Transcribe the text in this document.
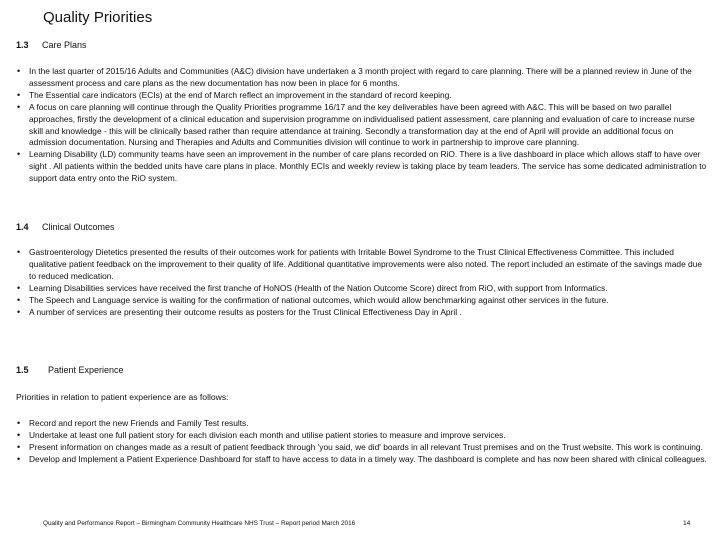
Quality Priorities
1.3 Care Plans
• In the last quarter of 2015/16 Adults and Communities (A&C) division have undertaken a 3 month project with regard to care planning. There will be a planned review in June of the assessment process and care plans as the new documentation has now been in place for 6 months.
• The Essential care indicators (ECIs) at the end of March reflect an improvement in the standard of record keeping.
• A focus on care planning will continue through the Quality Priorities programme 16/17 and the key deliverables have been agreed with A&C. This will be based on two parallel approaches, firstly the development of a clinical education and supervision programme on individualised patient assessment, care planning and evaluation of care to increase nurse skill and knowledge - this will be clinically based rather than require attendance at training. Secondly a transformation day at the end of April will provide an additional focus on admission documentation. Nursing and Therapies and Adults and Communities division will continue to work in partnership to improve care planning.
• Learning Disability (LD) community teams have seen an improvement in the number of care plans recorded on RiO. There is a live dashboard in place which allows staff to have over sight . All patients within the bedded units have care plans in place. Monthly ECIs and weekly review is taking place by team leaders. The service has some dedicated administration to support data entry onto the RiO system.
1.4 Clinical Outcomes
• Gastroenterology Dietetics presented the results of their outcomes work for patients with Irritable Bowel Syndrome to the Trust Clinical Effectiveness Committee. This included qualitative patient feedback on the improvement to their quality of life. Additional quantitative improvements were also noted. The report included an estimate of the savings made due to reduced medication.
• Learning Disabilities services have received the first tranche of HoNOS (Health of the Nation Outcome Score) direct from RiO, with support from Informatics.
• The Speech and Language service is waiting for the confirmation of national outcomes, which would allow benchmarking against other services in the future.
• A number of services are presenting their outcome results as posters for the Trust Clinical Effectiveness Day in April .
1.5 Patient Experience
Priorities in relation to patient experience are as follows:
• Record and report the new Friends and Family Test results.
• Undertake at least one full patient story for each division each month and utilise patient stories to measure and improve services.
• Present information on changes made as a result of patient feedback through 'you said, we did' boards in all relevant Trust premises and on the Trust website. This work is continuing.
• Develop and Implement a Patient Experience Dashboard for staff to have access to data in a timely way. The dashboard is complete and has now been shared with clinical colleagues.
Quality and Performance Report – Birmingham Community Healthcare NHS Trust – Report period March 2016	14
